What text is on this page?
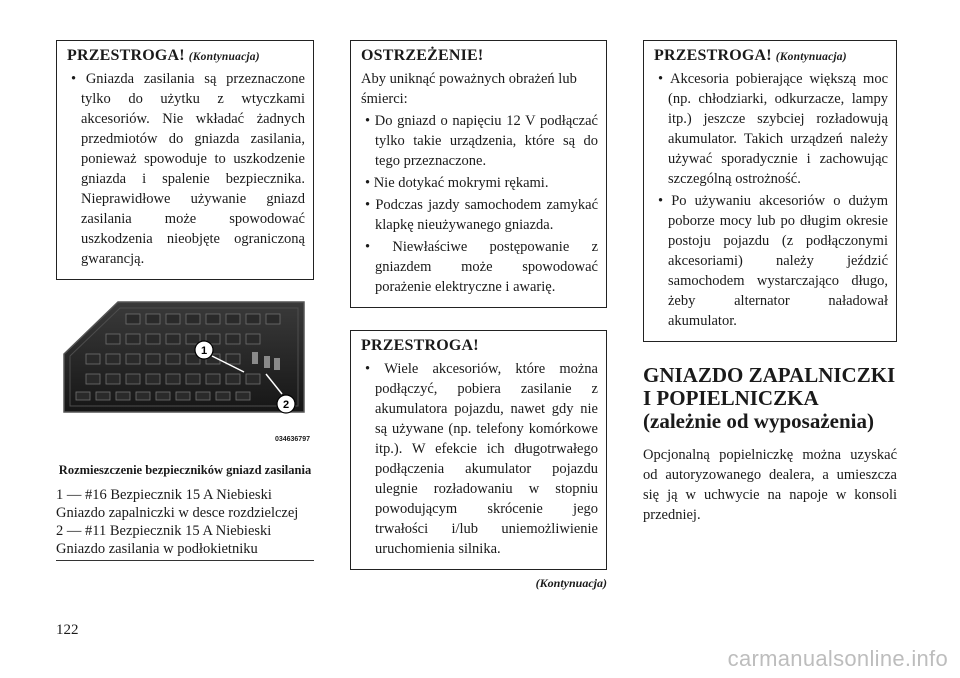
PRZESTROGA! (Kontynuacja)
• Gniazda zasilania są przeznaczone tylko do użytku z wtyczkami akcesoriów. Nie wkładać żadnych przedmiotów do gniazda zasilania, ponieważ spowoduje to uszkodzenie gniazda i spalenie bezpiecznika. Nieprawidłowe używanie gniazd zasilania może spowodować uszkodzenia nieobjęte ograniczoną gwarancją.
1
2
034636797
Rozmieszczenie bezpieczników gniazd zasilania
1 — #16 Bezpiecznik 15 A Niebieski
Gniazdo zapalniczki w desce rozdzielczej
2 — #11 Bezpiecznik 15 A Niebieski
Gniazdo zasilania w podłokietniku
OSTRZEŻENIE!

Aby uniknąć poważnych obrażeń lub śmierci:

• Do gniazd o napięciu 12 V podłączać tylko takie urządzenia, które są do tego przeznaczone.
• Nie dotykać mokrymi rękami.
• Podczas jazdy samochodem zamykać klapkę nieużywanego gniazda.
• Niewłaściwe postępowanie z gniazdem może spowodować porażenie elektryczne i awarię.
PRZESTROGA!
• Wiele akcesoriów, które można podłączyć, pobiera zasilanie z akumulatora pojazdu, nawet gdy nie są używane (np. telefony komórkowe itp.). W efekcie ich długotrwałego podłączenia akumulator pojazdu ulegnie rozładowaniu w stopniu powodującym skrócenie jego trwałości i/lub uniemożliwienie uruchomienia silnika.
(Kontynuacja)
PRZESTROGA! (Kontynuacja)
• Akcesoria pobierające większą moc (np. chłodziarki, odkurzacze, lampy itp.) jeszcze szybciej rozładowują akumulator. Takich urządzeń należy używać sporadycznie i zachowując szczególną ostrożność.
• Po używaniu akcesoriów o dużym poborze mocy lub po długim okresie postoju pojazdu (z podłączonymi akcesoriami) należy jeździć samochodem wystarczająco długo, żeby alternator naładował akumulator.
GNIAZDO ZAPALNICZKI I POPIELNICZKA (zależnie od wyposażenia)

Opcjonalną popielniczkę można uzyskać od autoryzowanego dealera, a umieszcza się ją w uchwycie na napoje w konsoli przedniej.

122
carmanualsonline.info
